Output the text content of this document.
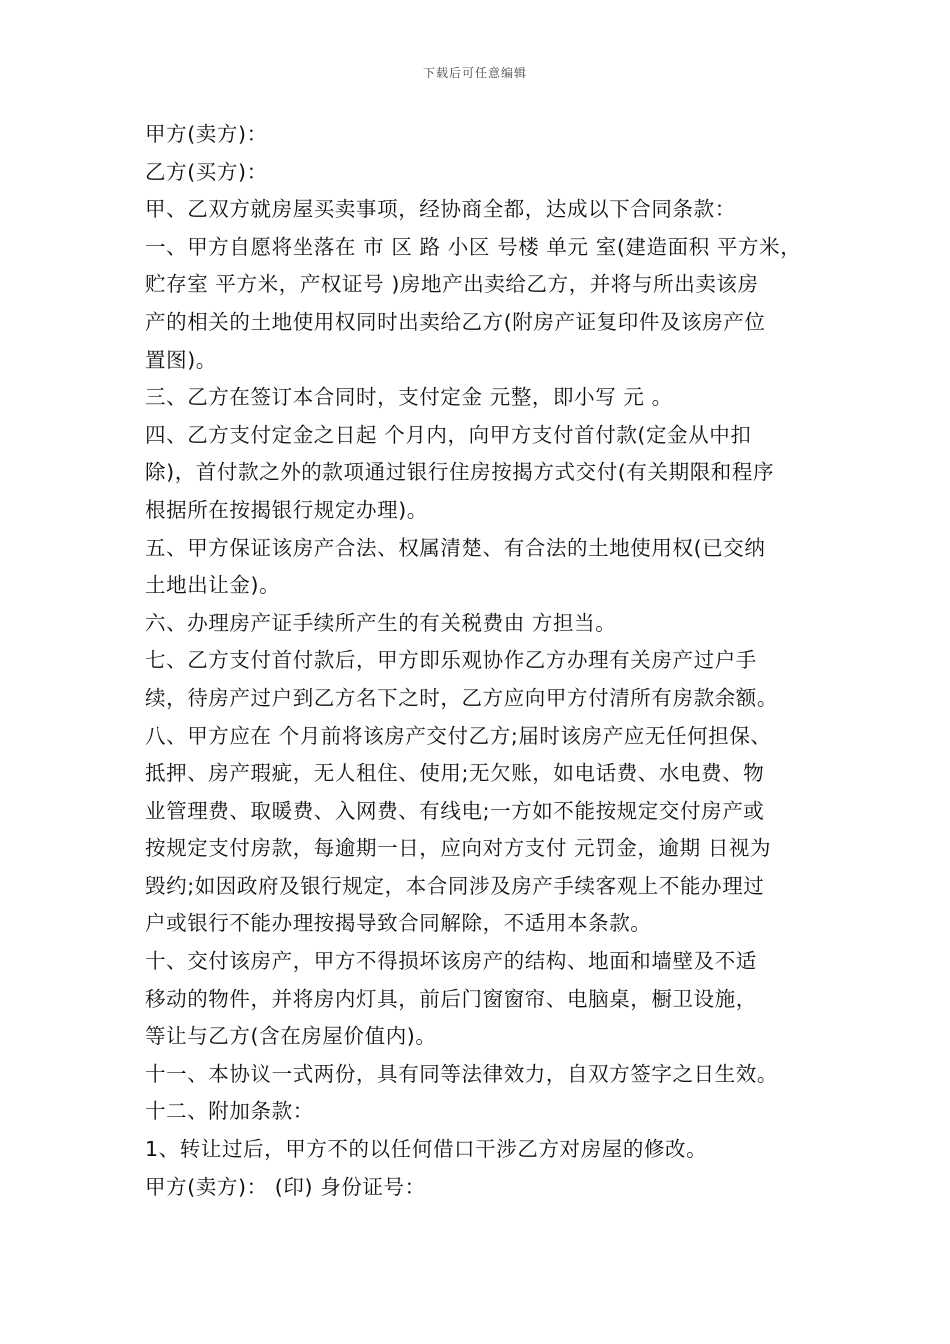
下载后可任意编辑
甲方(卖方)：
乙方(买方)：
甲、乙双方就房屋买卖事项，经协商全都，达成以下合同条款：
一、甲方自愿将坐落在 市 区 路 小区 号楼 单元 室(建造面积 平方米，
贮存室 平方米，产权证号 )房地产出卖给乙方，并将与所出卖该房
产的相关的土地使用权同时出卖给乙方(附房产证复印件及该房产位
置图)。
三、乙方在签订本合同时，支付定金 元整，即小写 元 。
四、乙方支付定金之日起 个月内，向甲方支付首付款(定金从中扣
除)，首付款之外的款项通过银行住房按揭方式交付(有关期限和程序
根据所在按揭银行规定办理)。
五、甲方保证该房产合法、权属清楚、有合法的土地使用权(已交纳
土地出让金)。
六、办理房产证手续所产生的有关税费由 方担当。
七、乙方支付首付款后，甲方即乐观协作乙方办理有关房产过户手
续，待房产过户到乙方名下之时，乙方应向甲方付清所有房款余额。
八、甲方应在 个月前将该房产交付乙方;届时该房产应无任何担保、
抵押、房产瑕疵，无人租住、使用;无欠账，如电话费、水电费、物
业管理费、取暖费、入网费、有线电;一方如不能按规定交付房产或
按规定支付房款，每逾期一日，应向对方支付 元罚金，逾期 日视为
毁约;如因政府及银行规定，本合同涉及房产手续客观上不能办理过
户或银行不能办理按揭导致合同解除，不适用本条款。
十、交付该房产，甲方不得损坏该房产的结构、地面和墙壁及不适
移动的物件，并将房内灯具，前后门窗窗帘、电脑桌，橱卫设施，
等让与乙方(含在房屋价值内)。
十一、本协议一式两份，具有同等法律效力，自双方签字之日生效。
十二、附加条款：
1、转让过后，甲方不的以任何借口干涉乙方对房屋的修改。
甲方(卖方)： (印) 身份证号：
